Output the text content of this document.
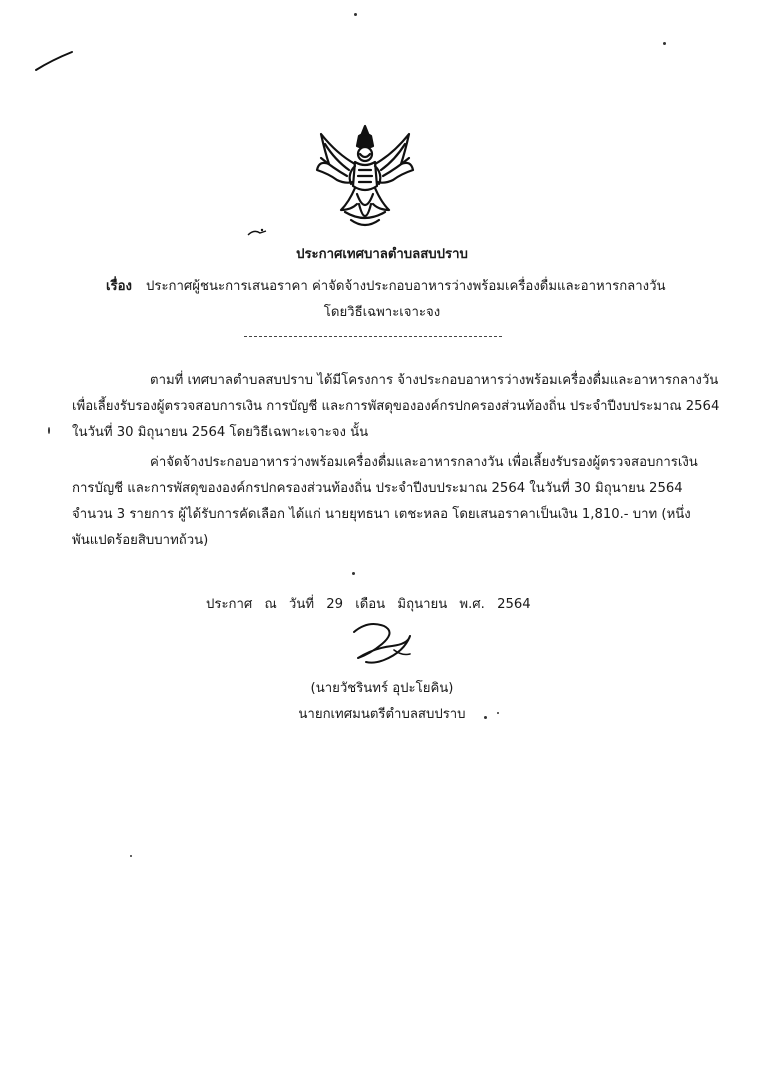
ประกาศเทศบาลตำบลสบปราบ
เรื่อง ประกาศผู้ชนะการเสนอราคา ค่าจัดจ้างประกอบอาหารว่างพร้อมเครื่องดื่มและอาหารกลางวัน
โดยวิธีเฉพาะเจาะจง
ตามที่ เทศบาลตำบลสบปราบ ได้มีโครงการ จ้างประกอบอาหารว่างพร้อมเครื่องดื่มและอาหารกลางวัน
เพื่อเลี้ยงรับรองผู้ตรวจสอบการเงิน การบัญชี และการพัสดุขององค์กรปกครองส่วนท้องถิ่น ประจำปีงบประมาณ 2564
ในวันที่ 30 มิถุนายน 2564 โดยวิธีเฉพาะเจาะจง นั้น
ค่าจัดจ้างประกอบอาหารว่างพร้อมเครื่องดื่มและอาหารกลางวัน เพื่อเลี้ยงรับรองผู้ตรวจสอบการเงิน
การบัญชี และการพัสดุขององค์กรปกครองส่วนท้องถิ่น ประจำปีงบประมาณ 2564 ในวันที่ 30 มิถุนายน 2564
จำนวน 3 รายการ ผู้ได้รับการคัดเลือก ได้แก่ นายยุทธนา เตชะหลอ โดยเสนอราคาเป็นเงิน 1,810.- บาท (หนึ่ง
พันแปดร้อยสิบบาทถ้วน)
ประกาศ ณ วันที่ 29 เดือน มิถุนายน พ.ศ. 2564
(นายวัชรินทร์ อุปะโยคิน)
นายกเทศมนตรีตำบลสบปราบ
